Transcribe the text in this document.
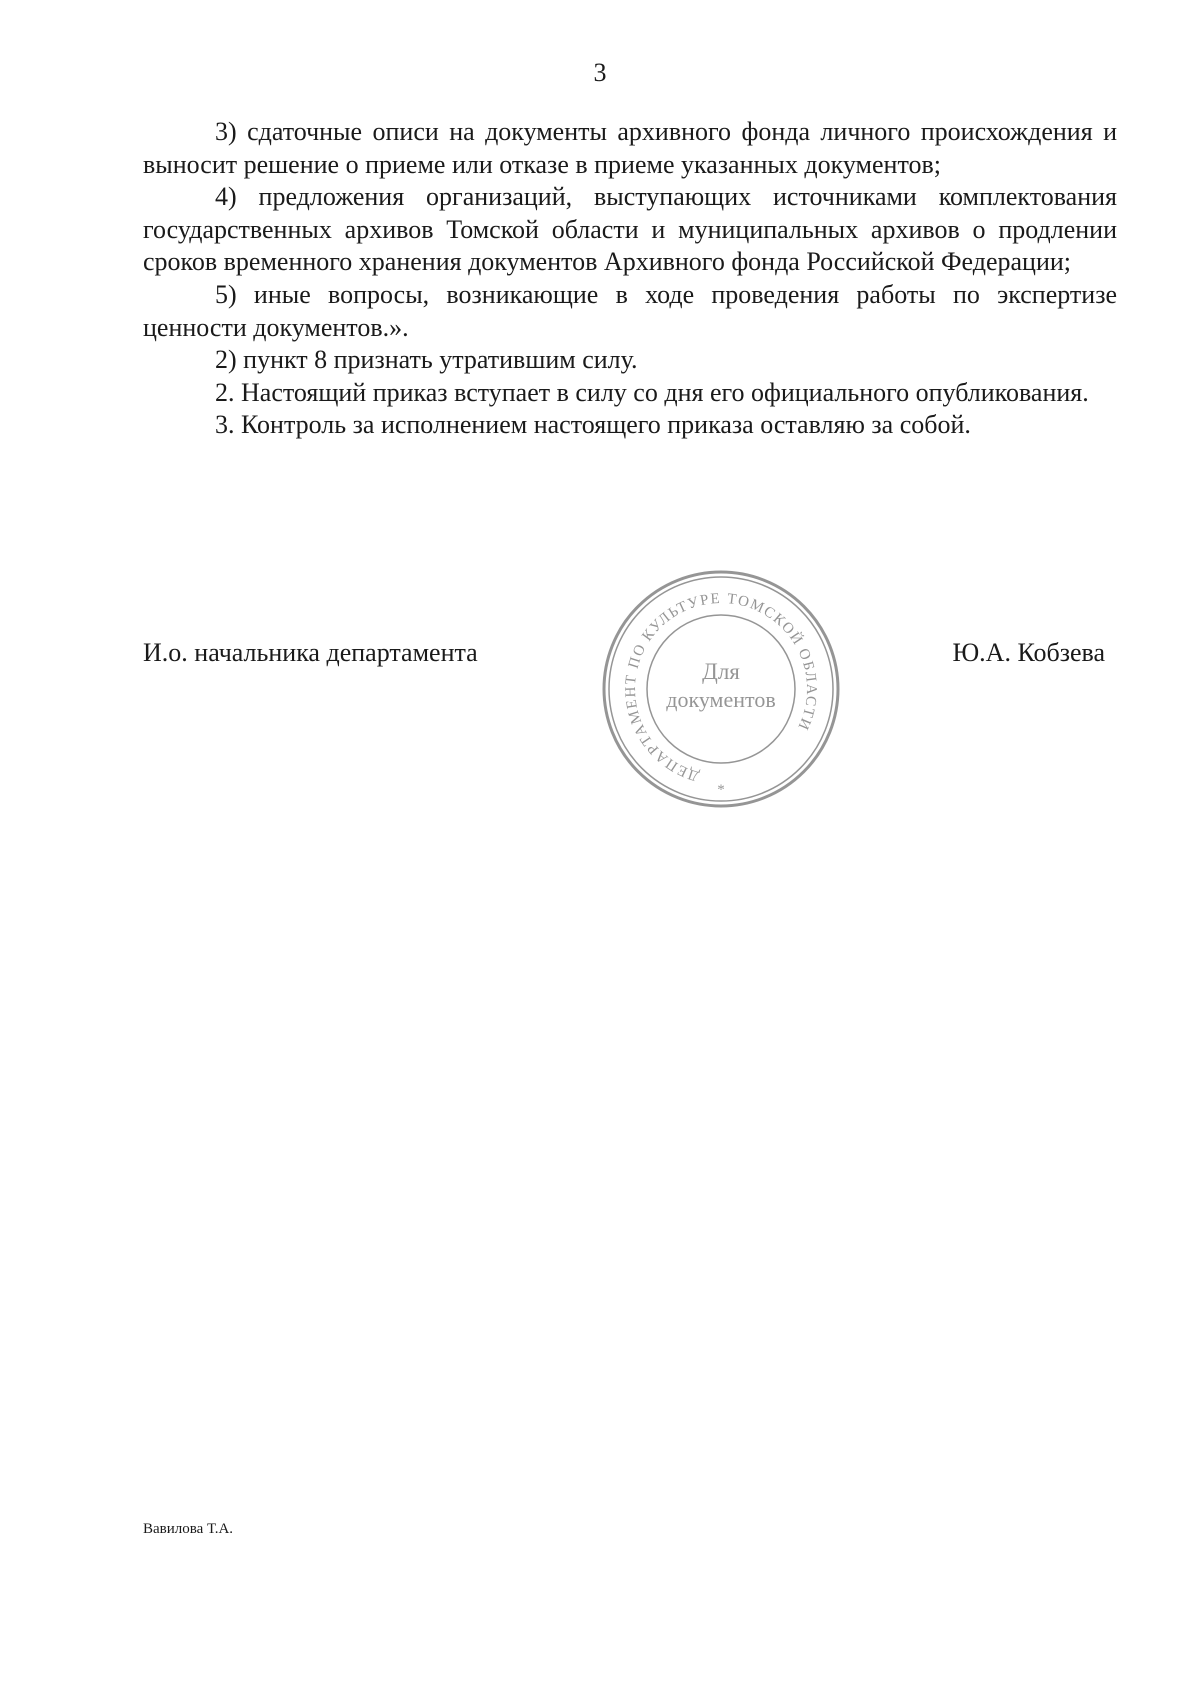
3

3) сдаточные описи на документы архивного фонда личного происхождения и выносит решение о приеме или отказе в приеме указанных документов;

4) предложения организаций, выступающих источниками комплектования государственных архивов Томской области и муниципальных архивов о продлении сроков временного хранения документов Архивного фонда Российской Федерации;

5) иные вопросы, возникающие в ходе проведения работы по экспертизе ценности документов.».

2) пункт 8 признать утратившим силу.

2. Настоящий приказ вступает в силу со дня его официального опубликования.

3. Контроль за исполнением настоящего приказа оставляю за собой.

И.о. начальника департамента	Ю.А. Кобзева
ДЕПАРТАМЕНТ ПО КУЛЬТУРЕ ТОМСКОЙ ОБЛАСТИ
*
Для
документов
Вавилова Т.А.
